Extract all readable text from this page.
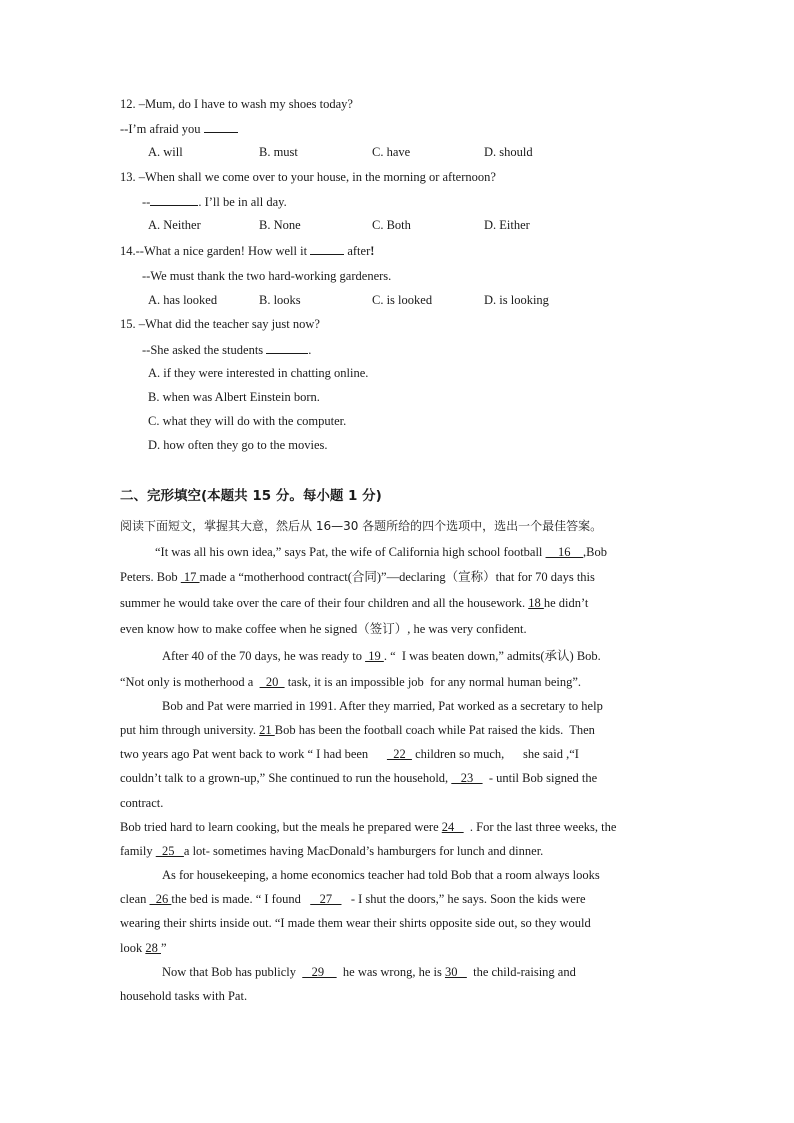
12. –Mum, do I have to wash my shoes today?
--I’m afraid you
A. will	B. must	C. have	D. should
13. –When shall we come over to your house, in the morning or afternoon?
--	. I’ll be in all day.
A. Neither	B. None	C. Both	D. Either
14.--What a nice garden! How well it	after!
--We must thank the two hard-working gardeners.
A. has looked	B. looks	C. is looked	D. is looking
15. –What did the teacher say just now?
--She asked the students	.
A. if they were interested in chatting online.
B. when was Albert Einstein born.
C. what they will do with the computer.
D. how often they go to the movies.
二、完形填空(本题共 15 分。每小题 1 分)
阅读下面短文，掌握其大意，然后从 16—30 各题所给的四个选项中，选出一个最佳答案。
“It was all his own idea,” says Pat, the wife of California high school football     16    ,Bob
Peters. Bob  17 made a “motherhood contract(合同)”—declaring（宣称）that for 70 days this
summer he would take over the care of their four children and all the housework. 18 he didn’t
even know how to make coffee when he signed（签订）, he was very confident.
After 40 of the 70 days, he was ready to  19 . “  I was beaten down,” admits(承认) Bob.
“Not only is motherhood a    20   task, it is an impossible job  for any normal human being”.
Bob and Pat were married in 1991. After they married, Pat worked as a secretary to help
put him through university. 21 Bob has been the football coach while Pat raised the kids.  Then
two years ago Pat went back to work “ I had been        22   children so much,      she said ,“I
couldn’t talk to a grown-up,” She continued to run the household,    23     - until Bob signed the
contract.
Bob tried hard to learn cooking, but the meals he prepared were 24     . For the last three weeks, the
family   25   a lot- sometimes having MacDonald’s hamburgers for lunch and dinner.
As for housekeeping, a home economics teacher had told Bob that a room always looks
clean   26 the bed is made. “ I found      27      - I shut the doors,” he says. Soon the kids were
wearing their shirts inside out. “I made them wear their shirts opposite side out, so they would
look 28 ”
Now that Bob has publicly     29      he was wrong, he is 30     the child-raising and
household tasks with Pat.
